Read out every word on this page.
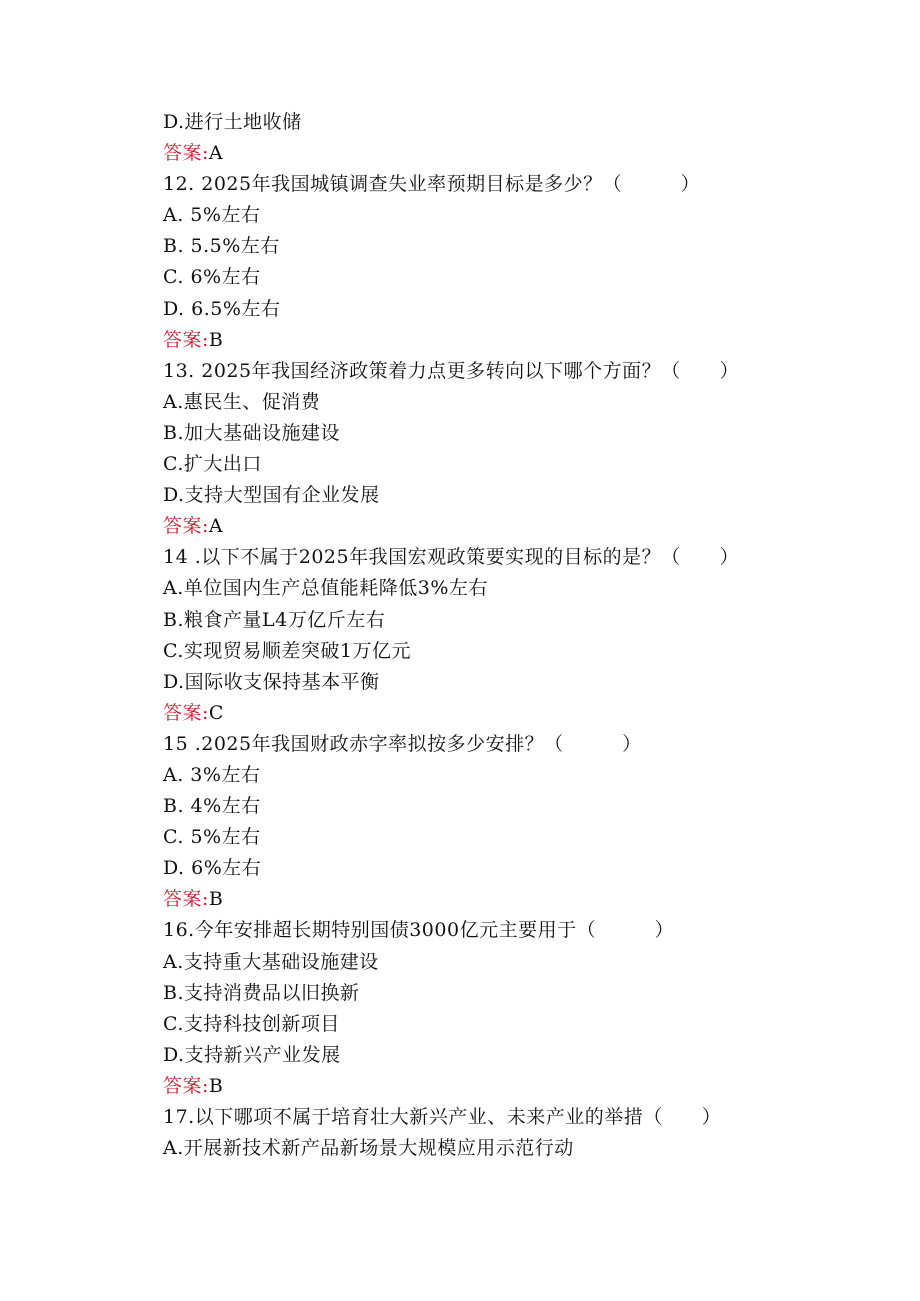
D.进行土地收储
答案:A
12. 2025年我国城镇调查失业率预期目标是多少？（　　　）
A. 5%左右
B. 5.5%左右
C. 6%左右
D. 6.5%左右
答案:B
13. 2025年我国经济政策着力点更多转向以下哪个方面？（　　）
A.惠民生、促消费
B.加大基础设施建设
C.扩大出口
D.支持大型国有企业发展
答案:A
14 .以下不属于2025年我国宏观政策要实现的目标的是？（　　）
A.单位国内生产总值能耗降低3%左右
B.粮食产量L4万亿斤左右
C.实现贸易顺差突破1万亿元
D.国际收支保持基本平衡
答案:C
15 .2025年我国财政赤字率拟按多少安排？（　　　）
A. 3%左右
B. 4%左右
C. 5%左右
D. 6%左右
答案:B
16.今年安排超长期特别国债3000亿元主要用于（　　　）
A.支持重大基础设施建设
B.支持消费品以旧换新
C.支持科技创新项目
D.支持新兴产业发展
答案:B
17.以下哪项不属于培育壮大新兴产业、未来产业的举措（　　）
A.开展新技术新产品新场景大规模应用示范行动
